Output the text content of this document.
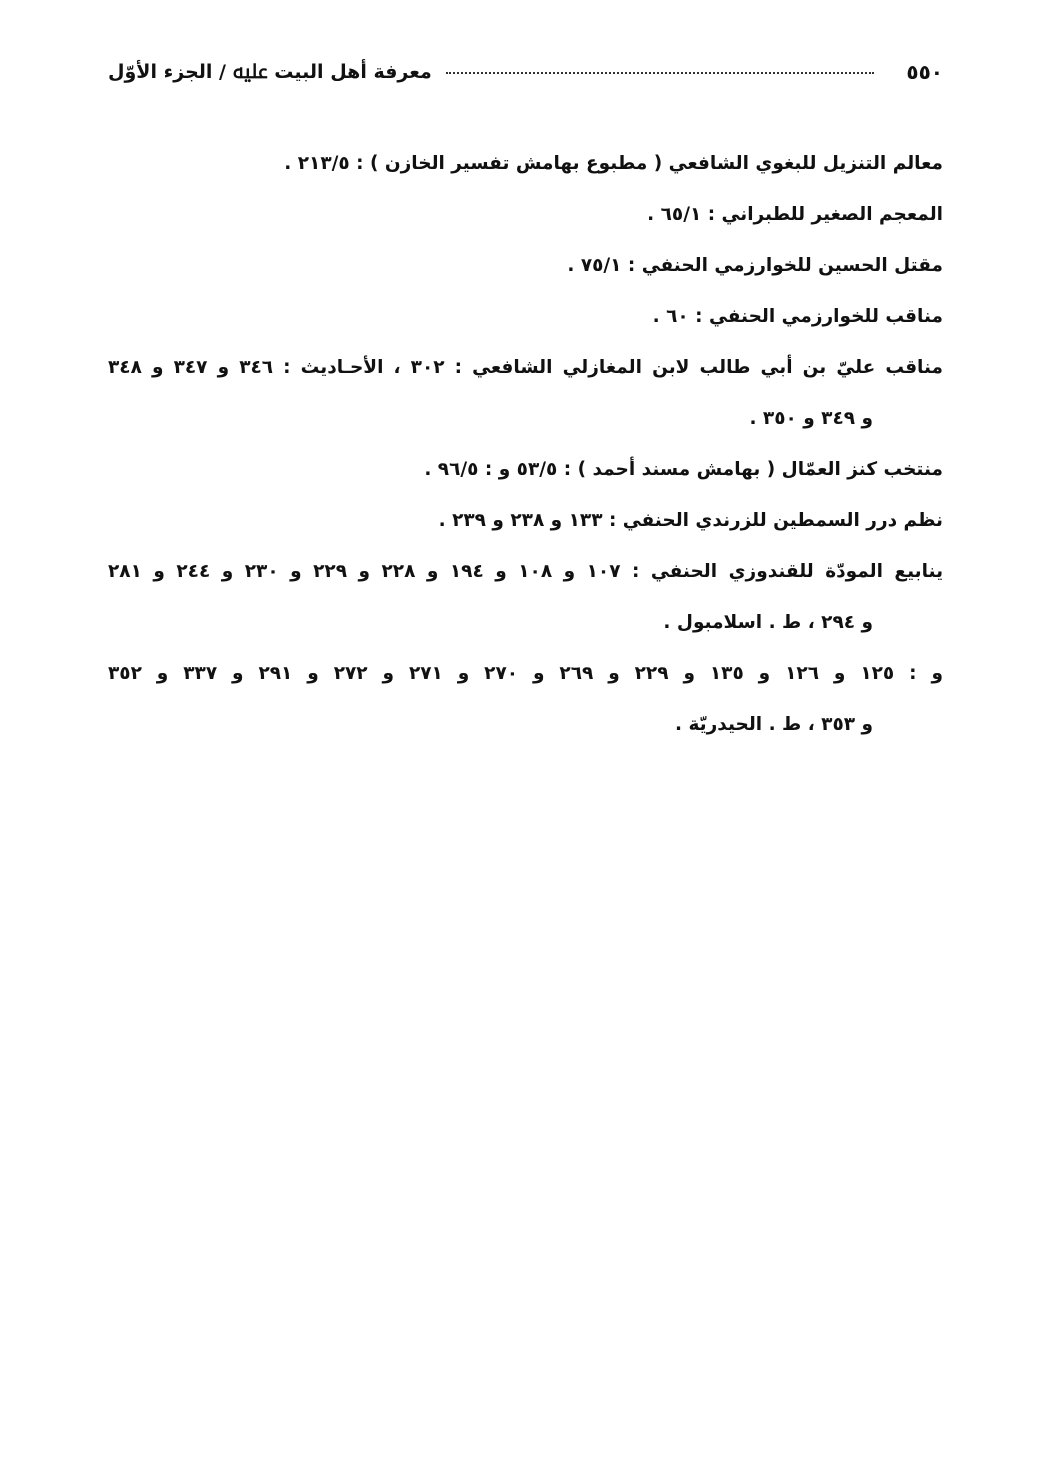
٥٥٠
معرفة أهل البيت ﷷ / الجزء الأوّل

معالم التنزيل للبغوي الشافعي ( مطبوع بهامش تفسير الخازن ) : ٢١٣/٥ .

المعجم الصغير للطبراني : ٦٥/١ .

مقتل الحسين للخوارزمي الحنفي : ٧٥/١ .

مناقب للخوارزمي الحنفي : ٦٠ .

مناقب عليّ بن أبي طالب لابن المغازلي الشافعي : ٣٠٢ ، الأحـاديث : ٣٤٦ و ٣٤٧ و ٣٤٨
و ٣٤٩ و ٣٥٠ .

منتخب كنز العمّال ( بهامش مسند أحمد ) : ٥٣/٥ و : ٩٦/٥ .

نظم درر السمطين للزرندي الحنفي : ١٣٣ و ٢٣٨ و ٢٣٩ .

ينابيع المودّة للقندوزي الحنفي : ١٠٧ و ١٠٨ و ١٩٤ و ٢٢٨ و ٢٢٩ و ٢٣٠ و ٢٤٤ و ٢٨١
و ٢٩٤ ، ط . اسلامبول .

و : ١٢٥ و ١٢٦ و ١٣٥ و ٢٢٩ و ٢٦٩ و ٢٧٠ و ٢٧١ و ٢٧٢ و ٢٩١ و ٣٣٧ و ٣٥٢
و ٣٥٣ ، ط . الحيدريّة .
